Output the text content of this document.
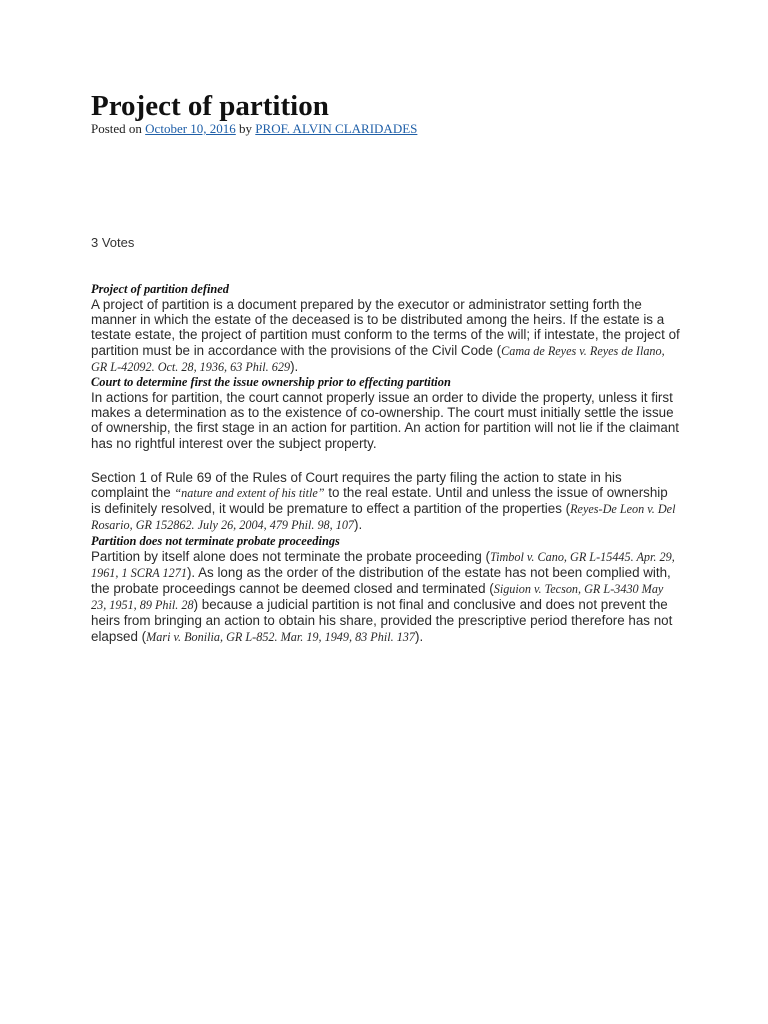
Project of partition
Posted on October 10, 2016 by PROF. ALVIN CLARIDADES
3 Votes

Project of partition defined

A project of partition is a document prepared by the executor or administrator setting forth the manner in which the estate of the deceased is to be distributed among the heirs. If the estate is a testate estate, the project of partition must conform to the terms of the will; if intestate, the project of partition must be in accordance with the provisions of the Civil Code (Cama de Reyes v. Reyes de Ilano, GR L-42092. Oct. 28, 1936, 63 Phil. 629).

Court to determine first the issue ownership prior to effecting partition

In actions for partition, the court cannot properly issue an order to divide the property, unless it first makes a determination as to the existence of co-ownership. The court must initially settle the issue of ownership, the first stage in an action for partition. An action for partition will not lie if the claimant has no rightful interest over the subject property.

Section 1 of Rule 69 of the Rules of Court requires the party filing the action to state in his complaint the “nature and extent of his title” to the real estate. Until and unless the issue of ownership is definitely resolved, it would be premature to effect a partition of the properties (Reyes-De Leon v. Del Rosario, GR 152862. July 26, 2004, 479 Phil. 98, 107).

Partition does not terminate probate proceedings

Partition by itself alone does not terminate the probate proceeding (Timbol v. Cano, GR L-15445. Apr. 29, 1961, 1 SCRA 1271). As long as the order of the distribution of the estate has not been complied with, the probate proceedings cannot be deemed closed and terminated (Siguion v. Tecson, GR L-3430 May 23, 1951, 89 Phil. 28) because a judicial partition is not final and conclusive and does not prevent the heirs from bringing an action to obtain his share, provided the prescriptive period therefore has not elapsed (Mari v. Bonilia, GR L-852. Mar. 19, 1949, 83 Phil. 137).
